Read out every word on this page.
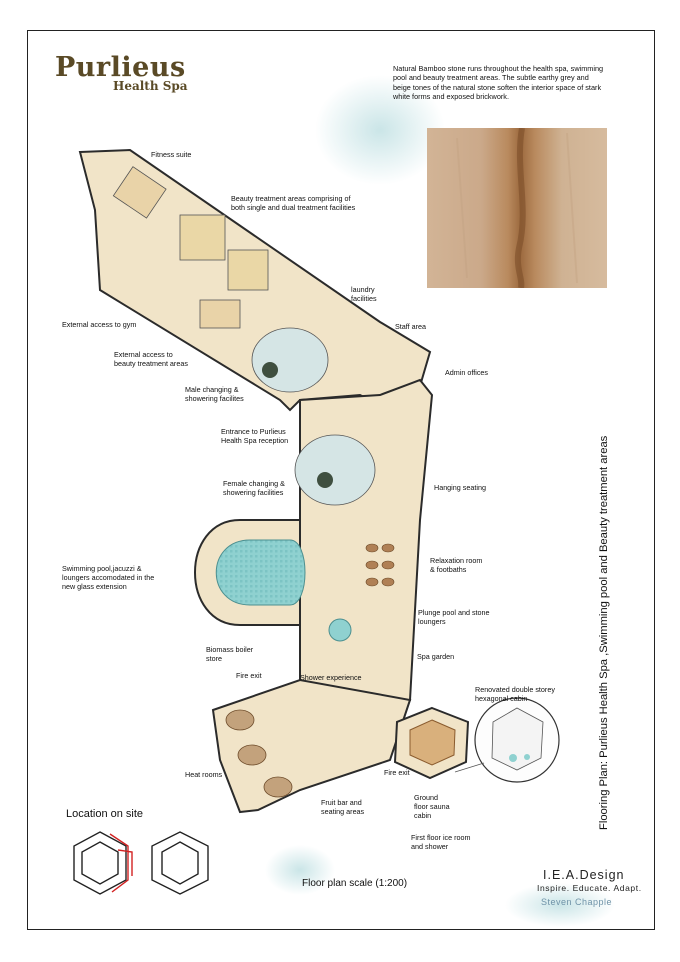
Purlieus
Health Spa
Natural Bamboo stone runs throughout the health spa, swimming pool and beauty treatment areas. The subtle earthy grey and beige tones of the natural stone soften the interior space of stark white forms and exposed brickwork.
Fitness suite
Beauty treatment areas comprising of
both single and dual treatment facilities
laundry
facilities
Staff area
External access to gym
External access to
beauty treatment areas
Admin offices
Male changing &
showering facilites
Entrance to Purlieus
Health Spa reception
Hanging seating
Female changing &
showering facilities
Relaxation room
& footbaths
Swimming pool,jacuzzi &
loungers accomodated in the
new glass extension
Plunge pool and stone
loungers
Biomass boiler
store	Spa garden
Fire exit	Shower experience
Renovated double storey
hexagonal cabin
Heat rooms	Fire exit
Fruit bar and
seating areas
Ground
floor sauna
cabin
First floor ice room
and shower
Flooring Plan: Purlieus Health Spa ,Swimming pool and Beauty treatment areas
Location on site
Floor plan scale (1:200)
I.E.A.Design
Inspire. Educate. Adapt.
Steven Chapple
